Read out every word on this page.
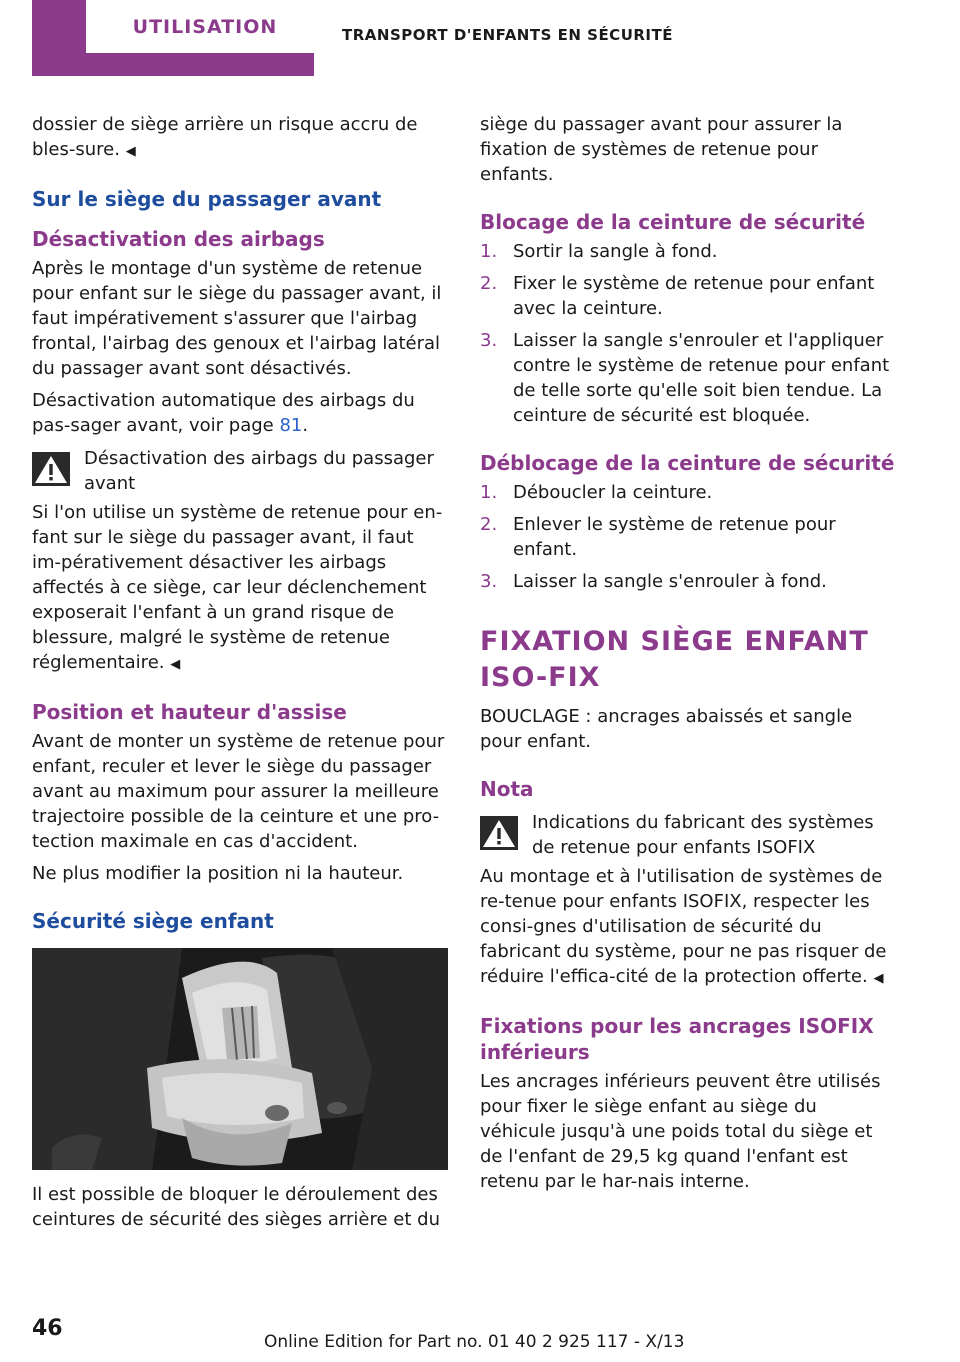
UTILISATION	TRANSPORT D'ENFANTS EN SÉCURITÉ

dossier de siège arrière un risque accru de bles-sure. ◀

Sur le siège du passager avant
Désactivation des airbags

Après le montage d'un système de retenue pour enfant sur le siège du passager avant, il faut impérativement s'assurer que l'airbag frontal, l'airbag des genoux et l'airbag latéral du passager avant sont désactivés.

Désactivation automatique des airbags du pas-sager avant, voir page 81.

Désactivation des airbags du passager avant

Si l'on utilise un système de retenue pour en-fant sur le siège du passager avant, il faut im-pérativement désactiver les airbags affectés à ce siège, car leur déclenchement exposerait l'enfant à un grand risque de blessure, malgré le système de retenue réglementaire. ◀

Position et hauteur d'assise

Avant de monter un système de retenue pour enfant, reculer et lever le siège du passager avant au maximum pour assurer la meilleure trajectoire possible de la ceinture et une pro-tection maximale en cas d'accident.

Ne plus modifier la position ni la hauteur.

Sécurité siège enfant

Il est possible de bloquer le déroulement des ceintures de sécurité des sièges arrière et du

siège du passager avant pour assurer la fixation de systèmes de retenue pour enfants.

Blocage de la ceinture de sécurité
1. Sortir la sangle à fond.
2. Fixer le système de retenue pour enfant avec la ceinture.
3. Laisser la sangle s'enrouler et l'appliquer contre le système de retenue pour enfant de telle sorte qu'elle soit bien tendue. La ceinture de sécurité est bloquée.
Déblocage de la ceinture de sécurité
1. Déboucler la ceinture.
2. Enlever le système de retenue pour enfant.
3. Laisser la sangle s'enrouler à fond.
FIXATION SIÈGE ENFANT ISO-FIX

BOUCLAGE : ancrages abaissés et sangle pour enfant.

Nota
Indications du fabricant des systèmes de retenue pour enfants ISOFIX

Au montage et à l'utilisation de systèmes de re-tenue pour enfants ISOFIX, respecter les consi-gnes d'utilisation de sécurité du fabricant du système, pour ne pas risquer de réduire l'effica-cité de la protection offerte. ◀

Fixations pour les ancrages ISOFIX inférieurs

Les ancrages inférieurs peuvent être utilisés pour fixer le siège enfant au siège du véhicule jusqu'à une poids total du siège et de l'enfant de 29,5 kg quand l'enfant est retenu par le har-nais interne.

46
Online Edition for Part no. 01 40 2 925 117 - X/13
